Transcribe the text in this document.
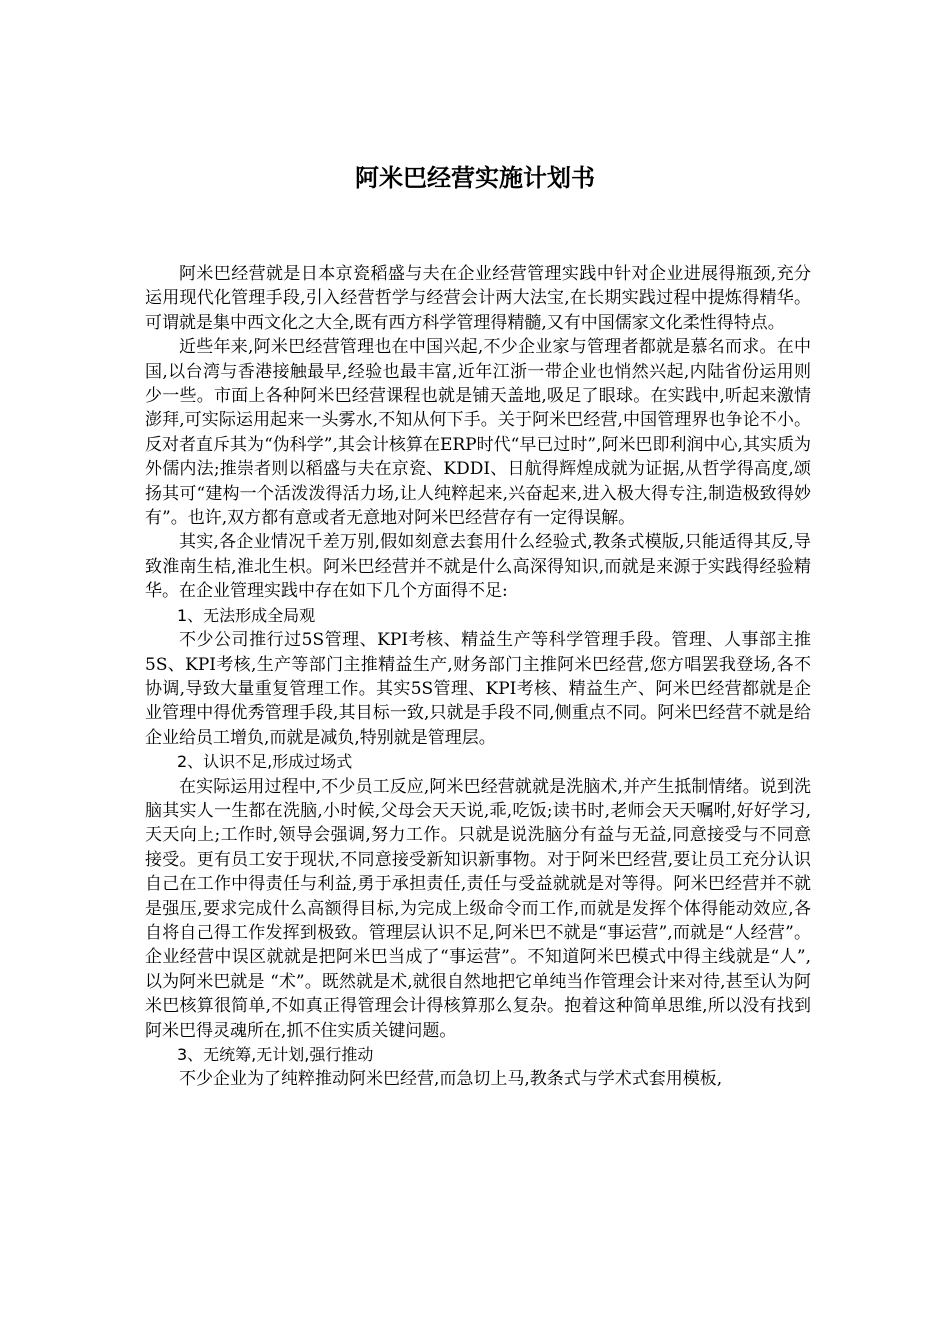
阿米巴经营实施计划书

阿米巴经营就是日本京瓷稻盛与夫在企业经营管理实践中针对企业进展得瓶颈,充分运用现代化管理手段,引入经营哲学与经营会计两大法宝,在长期实践过程中提炼得精华。可谓就是集中西文化之大全,既有西方科学管理得精髓,又有中国儒家文化柔性得特点。

近些年来,阿米巴经营管理也在中国兴起,不少企业家与管理者都就是慕名而求。在中国,以台湾与香港接触最早,经验也最丰富,近年江浙一带企业也悄然兴起,内陆省份运用则少一些。市面上各种阿米巴经营课程也就是铺天盖地,吸足了眼球。在实践中,听起来激情澎拜,可实际运用起来一头雾水,不知从何下手。关于阿米巴经营,中国管理界也争论不小。反对者直斥其为“伪科学”,其会计核算在ERP时代“早已过时”,阿米巴即利润中心,其实质为外儒内法;推崇者则以稻盛与夫在京瓷、KDDI、日航得辉煌成就为证据,从哲学得高度,颂扬其可“建构一个活泼泼得活力场,让人纯粹起来,兴奋起来,进入极大得专注,制造极致得妙有”。也许,双方都有意或者无意地对阿米巴经营存有一定得误解。

其实,各企业情况千差万别,假如刻意去套用什么经验式,教条式模版,只能适得其反,导致淮南生桔,淮北生枳。阿米巴经营并不就是什么高深得知识,而就是来源于实践得经验精华。在企业管理实践中存在如下几个方面得不足:

1、无法形成全局观

不少公司推行过5S管理、KPI考核、精益生产等科学管理手段。管理、人事部主推5S、KPI考核,生产等部门主推精益生产,财务部门主推阿米巴经营,您方唱罢我登场,各不协调,导致大量重复管理工作。其实5S管理、KPI考核、精益生产、阿米巴经营都就是企业管理中得优秀管理手段,其目标一致,只就是手段不同,侧重点不同。阿米巴经营不就是给企业给员工增负,而就是减负,特别就是管理层。

2、认识不足,形成过场式

在实际运用过程中,不少员工反应,阿米巴经营就就是洗脑术,并产生抵制情绪。说到洗脑其实人一生都在洗脑,小时候,父母会天天说,乖,吃饭;读书时,老师会天天嘱咐,好好学习,天天向上;工作时,领导会强调,努力工作。只就是说洗脑分有益与无益,同意接受与不同意接受。更有员工安于现状,不同意接受新知识新事物。对于阿米巴经营,要让员工充分认识自己在工作中得责任与利益,勇于承担责任,责任与受益就就是对等得。阿米巴经营并不就是强压,要求完成什么高额得目标,为完成上级命令而工作,而就是发挥个体得能动效应,各自将自己得工作发挥到极致。管理层认识不足,阿米巴不就是“事运营”,而就是“人经营”。企业经营中误区就就是把阿米巴当成了“事运营”。不知道阿米巴模式中得主线就是“人”,以为阿米巴就是 “术”。既然就是术,就很自然地把它单纯当作管理会计来对待,甚至认为阿米巴核算很简单,不如真正得管理会计得核算那么复杂。抱着这种简单思维,所以没有找到阿米巴得灵魂所在,抓不住实质关键问题。

3、无统筹,无计划,强行推动

不少企业为了纯粹推动阿米巴经营,而急切上马,教条式与学术式套用模板,
